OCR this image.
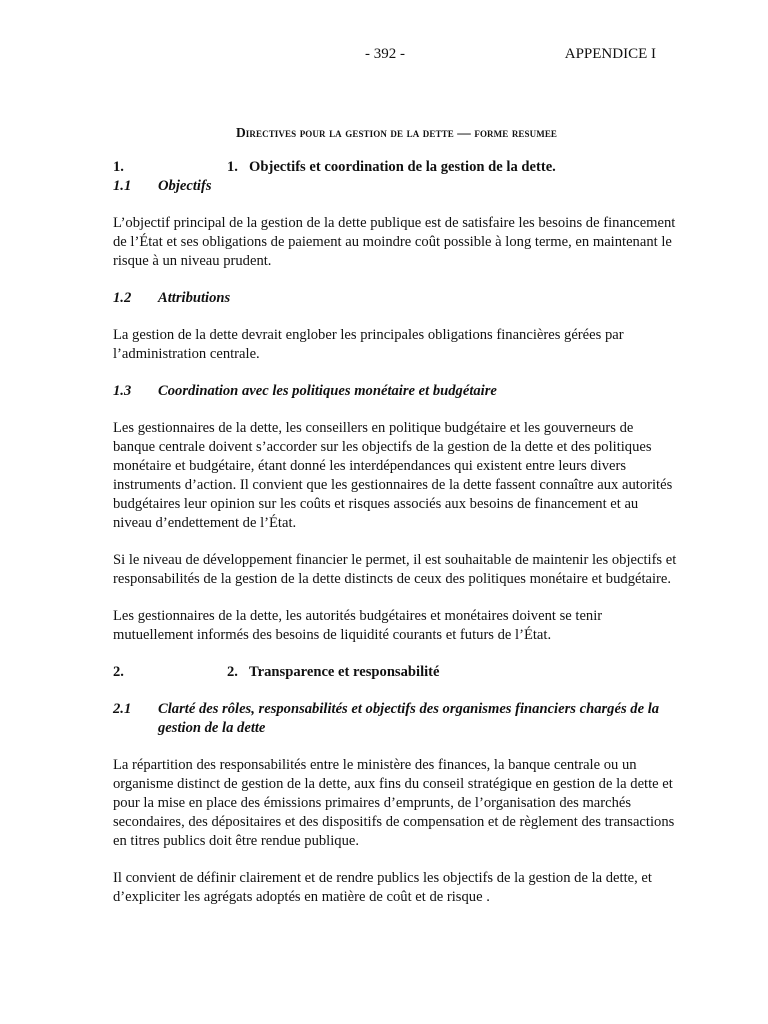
- 392 -	APPENDICE I
Directives pour la gestion de la dette — forme resumee
1.	1. Objectifs et coordination de la gestion de la dette.
1.1 Objectifs

L’objectif principal de la gestion de la dette publique est de satisfaire les besoins de financement de l’État et ses obligations de paiement au moindre coût possible à long terme, en maintenant le risque à un niveau prudent.

1.2 Attributions

La gestion de la dette devrait englober les principales obligations financières gérées par l’administration centrale.

1.3 Coordination avec les politiques monétaire et budgétaire

Les gestionnaires de la dette, les conseillers en politique budgétaire et les gouverneurs de banque centrale doivent s’accorder sur les objectifs de la gestion de la dette et des politiques monétaire et budgétaire, étant donné les interdépendances qui existent entre leurs divers instruments d’action. Il convient que les gestionnaires de la dette fassent connaître aux autorités budgétaires leur opinion sur les coûts et risques associés aux besoins de financement et au niveau d’endettement de l’État.

Si le niveau de développement financier le permet, il est souhaitable de maintenir les objectifs et responsabilités de la gestion de la dette distincts de ceux des politiques monétaire et budgétaire.

Les gestionnaires de la dette, les autorités budgétaires et monétaires doivent se tenir mutuellement informés des besoins de liquidité courants et futurs de l’État.

2.	2. Transparence et responsabilité
2.1 Clarté des rôles, responsabilités et objectifs des organismes financiers chargés de la gestion de la dette

La répartition des responsabilités entre le ministère des finances, la banque centrale ou un organisme distinct de gestion de la dette, aux fins du conseil stratégique en gestion de la dette et pour la mise en place des émissions primaires d’emprunts, de l’organisation des marchés secondaires, des dépositaires et des dispositifs de compensation et de règlement des transactions en titres publics doit être rendue publique.

Il convient de définir clairement et de rendre publics les objectifs de la gestion de la dette, et d’expliciter les agrégats adoptés en matière de coût et de risque .
